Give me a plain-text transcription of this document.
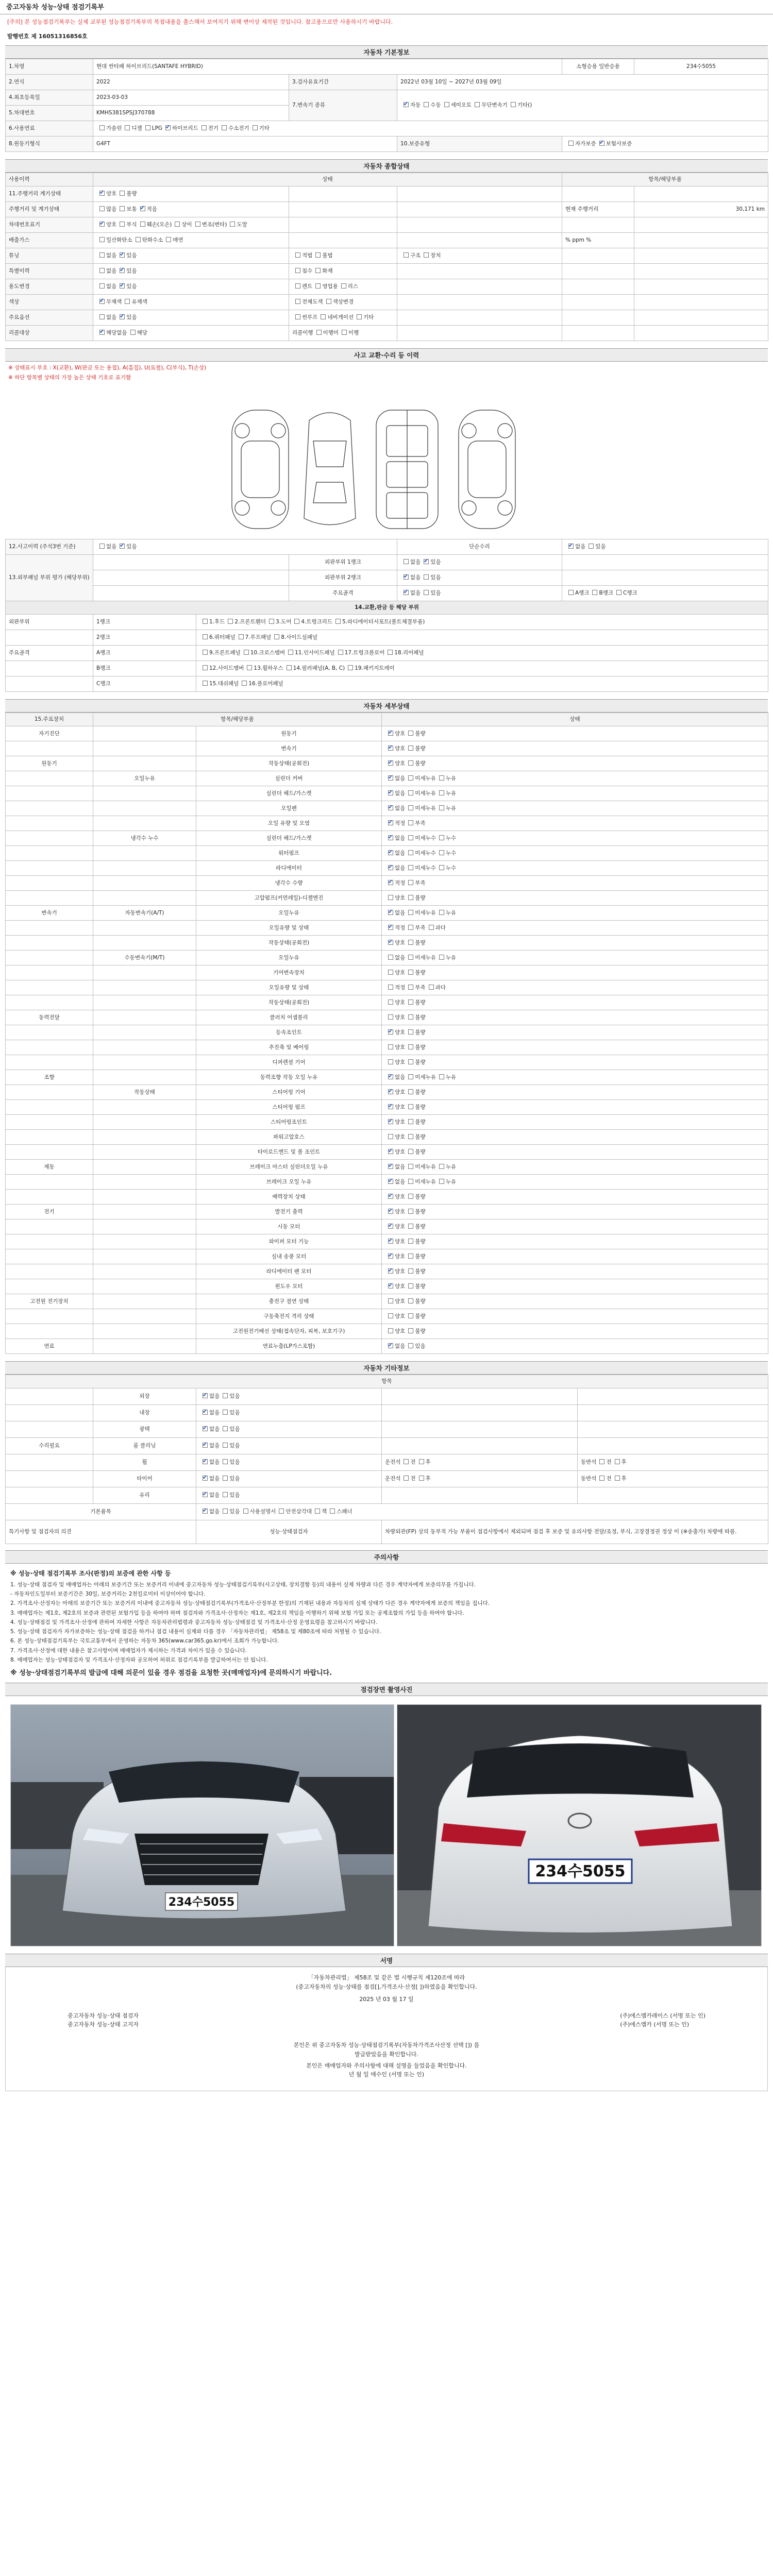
중고자동차 성능·상태 점검기록부
[주의] 본 성능점검기록부는 실제 교부된 성능점검기록부의 복접내용을 출스해서 보여지기 위해 변이상 제작된 것입니다. 참고용으로만 사용하시기 바랍니다.
발행번호 제 16051316856호
자동차 기본정보
1.차명	현대 싼타페 하이브리드(SANTAFE HYBRID)			소형승용 일반승용	234수5055
2.연식	2022	3.검사유효기간	2022년 03월 10일 ~ 2027년 03월 09일		
4.최초등록일	2023-03-03	7.변속기 종류	✔자동 수동 세미오토 무단변속기 기타()
5.차대번호	KMHS381SPSJ370788				
6.사용연료	가솔린 디젤 LPG ✔ 하이브리드 전기 수소전기 기타
8.원동기형식	G4FT		10.보증유형	자가보증 ✔ 보험사보증
자동차 종합상태
사용이력	상태			항목/해당부품	
11.주행거리 계기상태	✔양호 불량				
주행거리 및 계기상태	많음 보통 ✔ 적음			현재 주행거리	30,171 km
차대번호표기	✔양호 부식 훼손(오손) 상이 변조(변타) 도말				
배출가스	일산화탄소 탄화수소 매연			% ppm %	
튜닝	없음 ✔ 있음	적법 불법	구조 장치		
특별이력	없음 ✔ 있음	침수 화재			
용도변경	없음 ✔ 있음	렌트 영업용 리스			
색상	✔무채색 유채색	전체도색 색상변경			
주요옵션	없음 ✔ 있음	썬루프 네비게이션 기타			
리콜대상	✔해당없음 해당	리콜이행 이행미 이행			
사고 교환·수리 등 이력
※ 상태표시 부호 : X(교환), W(판금 또는 용접), A(흠집), U(요철), C(부식), T(손상)
※ 하단 항목별 상태의 가장 높은 상태 기호로 표기함
12.사고이력 (주석3번 기준)	없음 ✔ 있음			단순수리	✔없음 있음
13.외부패널 부위 평가 (해당부위)			외판부위 1랭크	없음 ✔ 있음	
			외판부위 2랭크	✔없음 있음	
			주요골격	✔없음 있음	A랭크 B랭크 C랭크
14.교환,판금 등 해당 부위					
외판부위	1랭크	1.후드 2.프론트휀더 3.도어 4.트렁크리드 5.라디에이터서포트(볼트체결부품)			
	2랭크	6.쿼터패널 7.루프패널 8.사이드실패널			
주요골격	A랭크	9.프론트패널 10.크로스멤버 11.인사이드패널 17.트렁크플로어 18.리어패널			
	B랭크	12.사이드멤버 13.휠하우스 14.필러패널(A, B, C) 19.패키지트레이			
	C랭크	15.대쉬패널 16.플로어패널			
자동차 세부상태
15.주요장치	항목/해당부품		상태
자기진단		원동기	✔양호 불량
		변속기	✔양호 불량
원동기		작동상태(공회전)	✔양호 불량
	오일누유	실린더 커버	✔없음 미세누유 누유
		실린더 헤드/가스켓	✔없음 미세누유 누유
		오일팬	✔없음 미세누유 누유
		오일 유량 및 오염	✔적정 부족
	냉각수 누수	실린더 헤드/가스켓	✔없음 미세누수 누수
		워터펌프	✔없음 미세누수 누수
		라디에이터	✔없음 미세누수 누수
		냉각수 수량	✔적정 부족
		고압펌프(커먼레일)-디젤엔진	양호 불량
변속기	자동변속기(A/T)	오일누유	✔없음 미세누유 누유
		오일유량 및 상태	✔적정 부족 과다
		작동상태(공회전)	✔양호 불량
	수동변속기(M/T)	오일누유	없음 미세누유 누유
		기어변속장치	양호 불량
		오일유량 및 상태	적정 부족 과다
		작동상태(공회전)	양호 불량
동력전달		클러치 어셈블리	양호 불량
		등속조인트	✔양호 불량
		추진축 및 베어링	양호 불량
		디퍼렌셜 기어	양호 불량
조향		동력조향 작동 오일 누유	✔없음 미세누유 누유
	작동상태	스티어링 기어	✔양호 불량
		스티어링 펌프	✔양호 불량
		스티어링조인트	✔양호 불량
		파워고압호스	양호 불량
		타이로드엔드 및 볼 조인트	✔양호 불량
제동		브레이크 마스터 실린더오일 누유	✔없음 미세누유 누유
		브레이크 오일 누유	✔없음 미세누유 누유
		배력장치 상태	✔양호 불량
전기		발전기 출력	✔양호 불량
		시동 모터	✔양호 불량
		와이퍼 모터 기능	✔양호 불량
		실내 송풍 모터	✔양호 불량
		라디에이터 팬 모터	✔양호 불량
		윈도우 모터	✔양호 불량
고전원 전기장치		충전구 절연 상태	양호 불량
		구동축전지 격리 상태	양호 불량
		고전원전기배선 상태(접속단자, 피복, 보호기구)	양호 불량
연료		연료누출(LP가스포함)	✔없음 있음
자동차 기타정보
항목				
	외장	✔없음 있음		
	내장	✔없음 있음		
	광택	✔없음 있음		
수리필요	룸 클리닝	✔없음 있음		
	휠	✔없음 있음	운전석 전 후	동반석 전 후
	타이어	✔없음 있음	운전석 전 후	동반석 전 후
	유리	✔없음 있음		
기본품목	✔없음 있음 사용설명서 안전삼각대 잭 스패너
특기사항 및 점검자의 의견		성능·상태점검자	차량외관(FP) 상의 동부적 가능 부품이 점검사항에서 제외되며 점검 후 보증 및 유의사항 전달/조정, 부식, 고장결정권 정상 이 (※송출가) 차량에 따름.	
주의사항
※ 성능·상태 점검기록부 조사(판정)의 보증에 관한 사항 등

1. 성능·상태 점검자 및 매매업자는 아래의 보증기간 또는 보증거리 이내에 중고자동차 성능·상태점검기록부(사고상태, 장치결함 등)의 내용이 실제 차량과 다른 경우 계약자에게 보증의무를 가집니다.

- 자동차인도일부터 보증기간은 30일, 보증거리는 2천킬로미터 이상이어야 합니다.

2. 가격조사·산정자는 아래의 보증기간 또는 보증거리 이내에 중고자동차 성능·상태점검기록부(가격조사·산정부분 한정)의 기재된 내용과 자동차의 실제 상태가 다른 경우 계약자에게 보증의 책임을 집니다.

3. 매매업자는 제1호, 제2호의 보증과 관련된 보험가입 등을 하여야 하며 점검자와 가격조사·산정자는 제1호, 제2호의 책임을 이행하기 위해 보험 가입 또는 공제조합의 가입 등을 하여야 합니다.

4. 성능·상태점검 및 가격조사·산정에 관하여 자세한 사항은 자동차관리법령과 중고자동차 성능·상태점검 및 가격조사·산정 운영요령을 참고하시기 바랍니다.

5. 성능·상태 점검자가 자가보증하는 성능·상태 점검을 하거나 점검 내용이 실제와 다를 경우 「자동차관리법」 제58조 및 제80조에 따라 처벌될 수 있습니다.

6. 본 성능·상태점검기록부는 국토교통부에서 운영하는 자동차 365(www.car365.go.kr)에서 조회가 가능합니다.

7. 가격조사·산정에 대한 내용은 참고사항이며 매매업자가 제시하는 가격과 차이가 있을 수 있습니다.

8. 매매업자는 성능·상태점검자 및 가격조사·산정자와 공모하여 허위로 점검기록부를 발급하여서는 안 됩니다.

※ 성능·상태점검기록부의 발급에 대해 의문이 있을 경우 점검을 요청한 곳(매매업자)에 문의하시기 바랍니다.
점검장면 촬영사진
234수5055
234수5055
서명

「자동차관리법」 제58조 및 같은 법 시행규칙 제120조에 따라

(중고자동차의 성능·상태를 점검[],가격조사·산정[ ])하였음을 확인합니다.

2025 년 03 월 17 일

중고자동차 성능·상태 점검자

중고자동차 성능·상태 고지자

(주)에스엠카레이스 (서명 또는 인)

(주)에스엠카 (서명 또는 인)

본인은 위 중고자동차 성능·상태점검기록부(자동차가격조사산정 선택 []) 를

발급받았음을 확인합니다.

본인은 매매업자와 주의사항에 대해 설명을 들었음을 확인합니다.

년 월 일 매수인 (서명 또는 인)
